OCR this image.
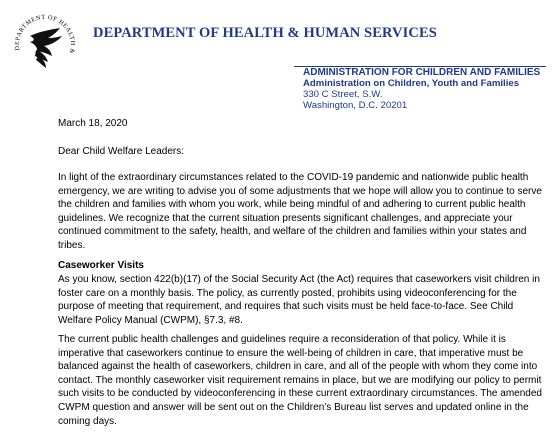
DEPARTMENT OF HEALTH &
DEPARTMENT OF HEALTH & HUMAN SERVICES
ADMINISTRATION FOR CHILDREN AND FAMILIES
Administration on Children, Youth and Families
330 C Street, S.W.
Washington, D.C. 20201
March 18, 2020
Dear Child Welfare Leaders:

In light of the extraordinary circumstances related to the COVID-19 pandemic and nationwide public health emergency, we are writing to advise you of some adjustments that we hope will allow you to continue to serve the children and families with whom you work, while being mindful of and adhering to current public health guidelines. We recognize that the current situation presents significant challenges, and appreciate your continued commitment to the safety, health, and welfare of the children and families within your states and tribes.

Caseworker Visits

As you know, section 422(b)(17) of the Social Security Act (the Act) requires that caseworkers visit children in foster care on a monthly basis. The policy, as currently posted, prohibits using videoconferencing for the purpose of meeting that requirement, and requires that such visits must be held face-to-face. See Child Welfare Policy Manual (CWPM), §7.3, #8.

The current public health challenges and guidelines require a reconsideration of that policy. While it is imperative that caseworkers continue to ensure the well-being of children in care, that imperative must be balanced against the health of caseworkers, children in care, and all of the people with whom they come into contact. The monthly caseworker visit requirement remains in place, but we are modifying our policy to permit such visits to be conducted by videoconferencing in these current extraordinary circumstances. The amended CWPM question and answer will be sent out on the Children’s Bureau list serves and updated online in the coming days.
